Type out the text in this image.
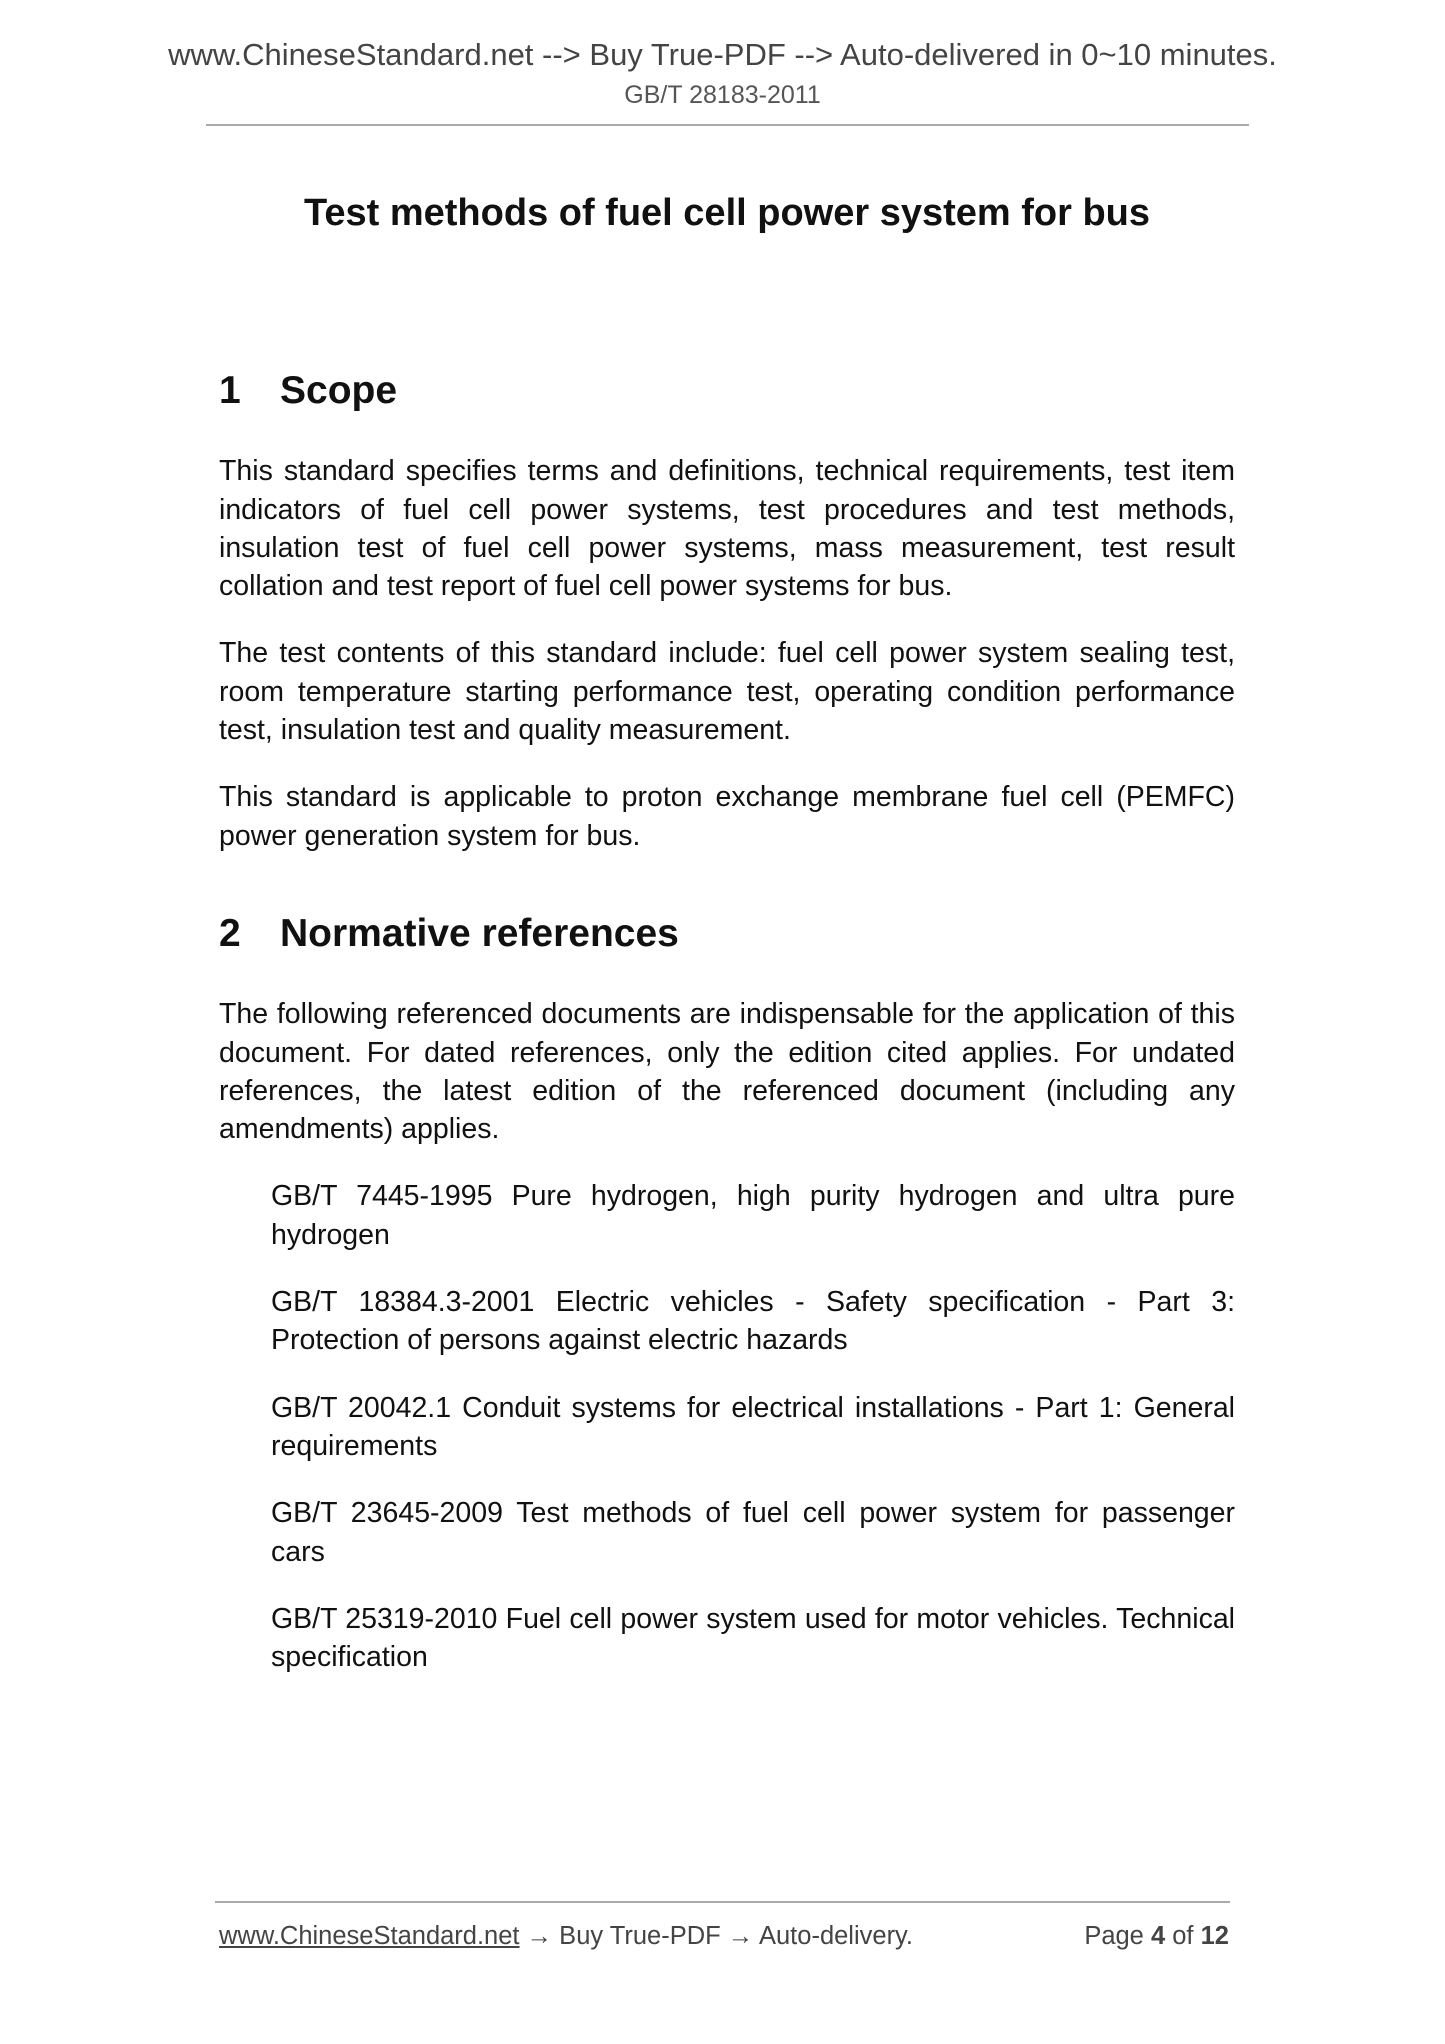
www.ChineseStandard.net --> Buy True-PDF --> Auto-delivered in 0~10 minutes.
GB/T 28183-2011
Test methods of fuel cell power system for bus
1 Scope

This standard specifies terms and definitions, technical requirements, test item indicators of fuel cell power systems, test procedures and test methods, insulation test of fuel cell power systems, mass measurement, test result collation and test report of fuel cell power systems for bus.

The test contents of this standard include: fuel cell power system sealing test, room temperature starting performance test, operating condition performance test, insulation test and quality measurement.

This standard is applicable to proton exchange membrane fuel cell (PEMFC) power generation system for bus.

2 Normative references

The following referenced documents are indispensable for the application of this document. For dated references, only the edition cited applies. For undated references, the latest edition of the referenced document (including any amendments) applies.

GB/T 7445-1995 Pure hydrogen, high purity hydrogen and ultra pure hydrogen

GB/T 18384.3-2001 Electric vehicles - Safety specification - Part 3: Protection of persons against electric hazards

GB/T 20042.1 Conduit systems for electrical installations - Part 1: General requirements

GB/T 23645-2009 Test methods of fuel cell power system for passenger cars

GB/T 25319-2010 Fuel cell power system used for motor vehicles. Technical specification

www.ChineseStandard.net → Buy True-PDF → Auto-delivery.	Page 4 of 12
